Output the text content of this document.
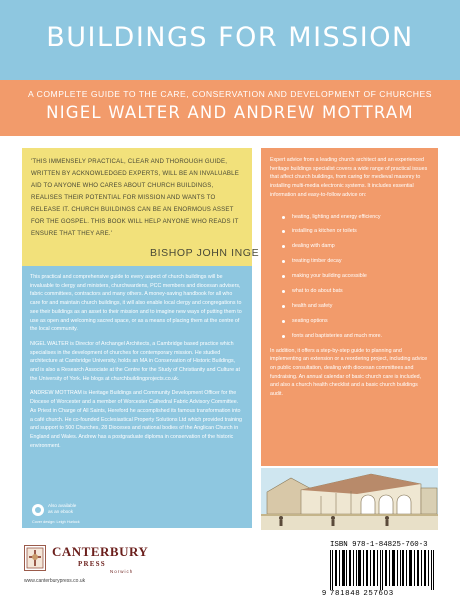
BUILDINGS FOR MISSION
A COMPLETE GUIDE TO THE CARE, CONSERVATION AND DEVELOPMENT OF CHURCHES
NIGEL WALTER AND ANDREW MOTTRAM
'THIS IMMENSELY PRACTICAL, CLEAR AND THOROUGH GUIDE, WRITTEN BY ACKNOWLEDGED EXPERTS, WILL BE AN INVALUABLE AID TO ANYONE WHO CARES ABOUT CHURCH BUILDINGS, REALISES THEIR POTENTIAL FOR MISSION AND WANTS TO RELEASE IT. CHURCH BUILDINGS CAN BE AN ENORMOUS ASSET FOR THE GOSPEL. THIS BOOK WILL HELP ANYONE WHO READS IT ENSURE THAT THEY ARE.'
BISHOP JOHN INGE

This practical and comprehensive guide to every aspect of church buildings will be invaluable to clergy and ministers, churchwardens, PCC members and diocesan advisers, fabric committees, contractors and many others. A money-saving handbook for all who care for and maintain church buildings, it will also enable local clergy and congregations to see their buildings as an asset to their mission and to imagine new ways of putting them to use as open and welcoming sacred space, or as a means of placing them at the centre of the local community.

NIGEL WALTER is Director of Archangel Architects, a Cambridge based practice which specialises in the development of churches for contemporary mission. He studied architecture at Cambridge University, holds an MA in Conservation of Historic Buildings, and is also a Research Associate at the Centre for the Study of Christianity and Culture at the University of York. He blogs at churchbuildingprojects.co.uk.

ANDREW MOTTRAM is Heritage Buildings and Community Development Officer for the Diocese of Worcester and a member of Worcester Cathedral Fabric Advisory Committee. As Priest in Charge of All Saints, Hereford he accomplished its famous transformation into a café church. He co-founded Ecclesiastical Property Solutions Ltd which provided training and support to 500 Churches, 28 Dioceses and national bodies of the Anglican Church in England and Wales. Andrew has a postgraduate diploma in conservation of the historic environment.

Also available
as an ebook
Cover design: Leigh Hurlock

Expert advice from a leading church architect and an experienced heritage buildings specialist covers a wide range of practical issues that affect church buildings, from caring for medieval masonry to installing multi-media electronic systems. It includes essential information and easy-to-follow advice on:

heating, lighting and energy efficiency
installing a kitchen or toilets
dealing with damp
treating timber decay
making your building accessible
what to do about bats
health and safety
seating options
fonts and baptisteries and much more.

In addition, it offers a step-by-step guide to planning and implementing an extension or a reordering project, including advice on public consultation, dealing with diocesan committees and fundraising. An annual calendar of basic church care is included, and also a church health checklist and a basic church buildings audit.

CANTERBURY
PRESS
Norwich
www.canterburypress.co.uk
ISBN 978-1-84825-760-3
9 781848 257603
